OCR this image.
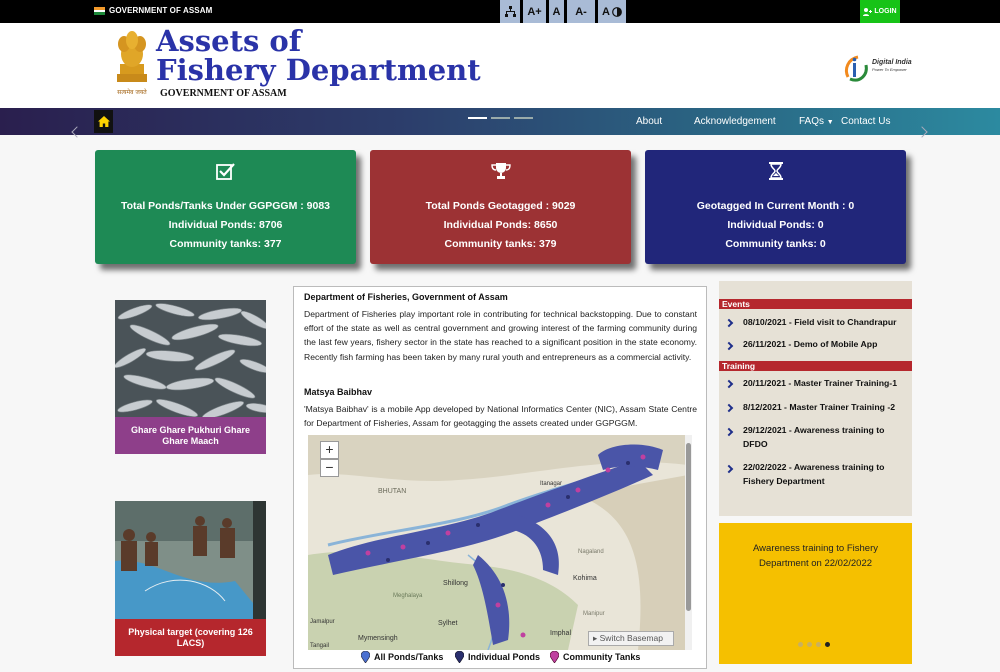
GOVERNMENT OF ASSAM	A+ A	A-	A	LOGIN
सत्यमेव जयते
Assets of
Fishery Department
GOVERNMENT OF ASSAM
Digital India
Power To Empower
About	Acknowledgement FAQs ▼ Contact Us
Total Ponds/Tanks Under GGPGGM : 9083
Individual Ponds: 8706
Community tanks: 377
Total Ponds Geotagged : 9029
Individual Ponds: 8650
Community tanks: 379
Geotagged In Current Month : 0
Individual Ponds: 0
Community tanks: 0
Ghare Ghare Pukhuri Ghare Ghare Maach
Physical target (covering 126 LACS)
Department of Fisheries, Government of Assam

Department of Fisheries play important role in contributing for technical backstopping. Due to constant effort of the state as well as central government and growing interest of the farming community during the last few years, fishery sector in the state has reached to a significant position in the state economy. Recently fish farming has been taken by many rural youth and entrepreneurs as a commercial activity.

Matsya Baibhav

'Matsya Baibhav' is a mobile App developed by National Informatics Center (NIC), Assam State Centre for Department of Fisheries, Assam for geotagging the assets created under GGPGGM.

BHUTAN
Shillong
Kohima
Meghalaya
Imphal
Mymensingh
Sylhet
Nagaland
Manipur
Itanagar
Jamalpur
Tangail
+
−
▸ Switch Basemap
All Ponds/Tanks	Individual Ponds	Community Tanks
Events
08/10/2021 - Field visit to Chandrapur
26/11/2021 - Demo of Mobile App
Training
20/11/2021 - Master Trainer Training-1
8/12/2021 - Master Trainer Training -2
29/12/2021 - Awareness training to DFDO
22/02/2022 - Awareness training to Fishery Department
Awareness training to Fishery Department on 22/02/2022
